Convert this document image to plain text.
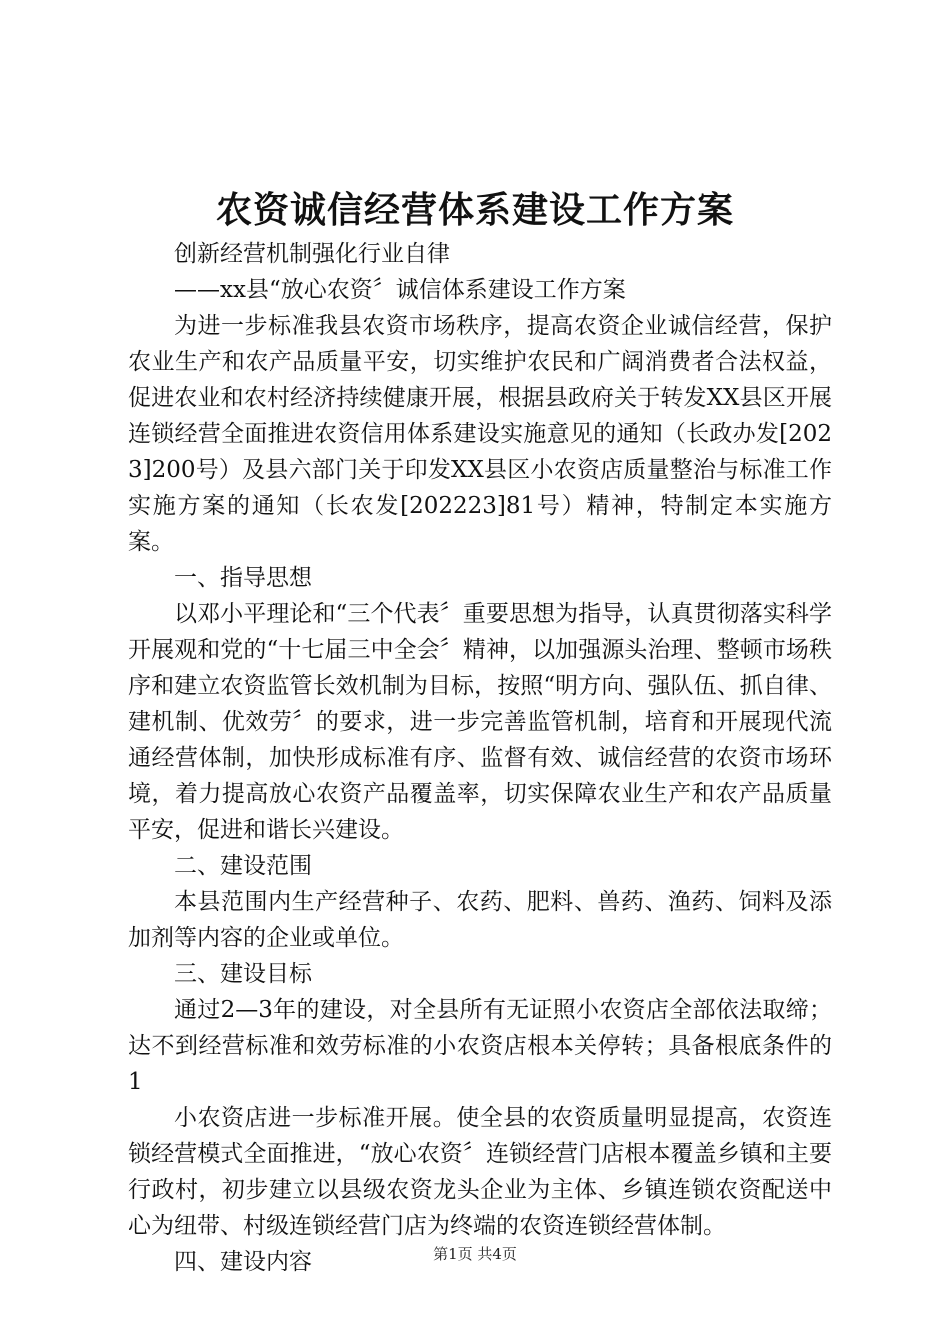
农资诚信经营体系建设工作方案

创新经营机制强化行业自律

——xx县“放心农资〞诚信体系建设工作方案

为进一步标准我县农资市场秩序，提高农资企业诚信经营，保护农业生产和农产品质量平安，切实维护农民和广阔消费者合法权益，促进农业和农村经济持续健康开展，根据县政府关于转发XX县区开展连锁经营全面推进农资信用体系建设实施意见的通知（长政办发[2023]200号）及县六部门关于印发XX县区小农资店质量整治与标准工作实施方案的通知（长农发[202223]81号）精神，特制定本实施方案。

一、指导思想

以邓小平理论和“三个代表〞重要思想为指导，认真贯彻落实科学开展观和党的“十七届三中全会〞精神，以加强源头治理、整顿市场秩序和建立农资监管长效机制为目标，按照“明方向、强队伍、抓自律、建机制、优效劳〞的要求，进一步完善监管机制，培育和开展现代流通经营体制，加快形成标准有序、监督有效、诚信经营的农资市场环境，着力提高放心农资产品覆盖率，切实保障农业生产和农产品质量平安，促进和谐长兴建设。

二、建设范围

本县范围内生产经营种子、农药、肥料、兽药、渔药、饲料及添加剂等内容的企业或单位。

三、建设目标

通过2—3年的建设，对全县所有无证照小农资店全部依法取缔；达不到经营标准和效劳标准的小农资店根本关停转；具备根底条件的1

小农资店进一步标准开展。使全县的农资质量明显提高，农资连锁经营模式全面推进，“放心农资〞连锁经营门店根本覆盖乡镇和主要行政村，初步建立以县级农资龙头企业为主体、乡镇连锁农资配送中心为纽带、村级连锁经营门店为终端的农资连锁经营体制。

四、建设内容	第1页 共4页
